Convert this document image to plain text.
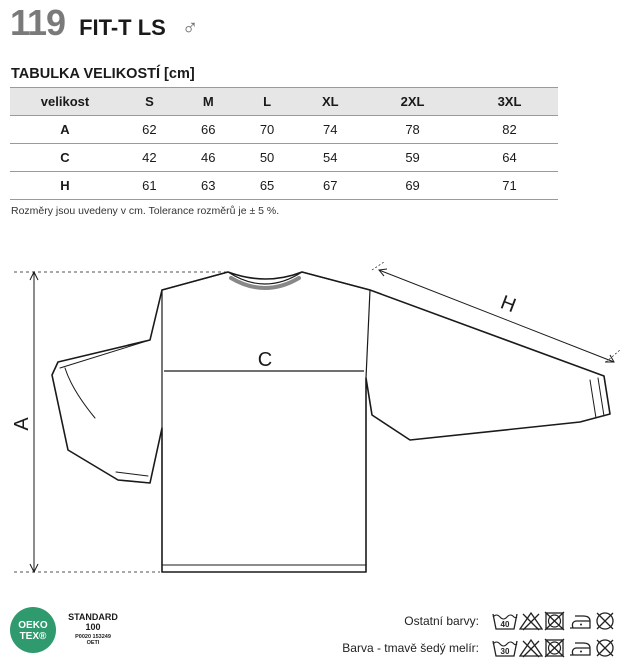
119 FIT-T LS ♂
TABULKA VELIKOSTÍ [cm]
velikost	S	M	L	XL	2XL	3XL
A	62	66	70	74	78	82
C	42	46	50	54	59	64
H	61	63	65	67	69	71
Rozměry jsou uvedeny v cm. Tolerance rozměrů je ± 5 %.
C
A
H
OEKO
TEX®
STANDARD
100
P0020 153249
OETI
Ostatní barvy:	40
Barva - tmavě šedý melír:	30
